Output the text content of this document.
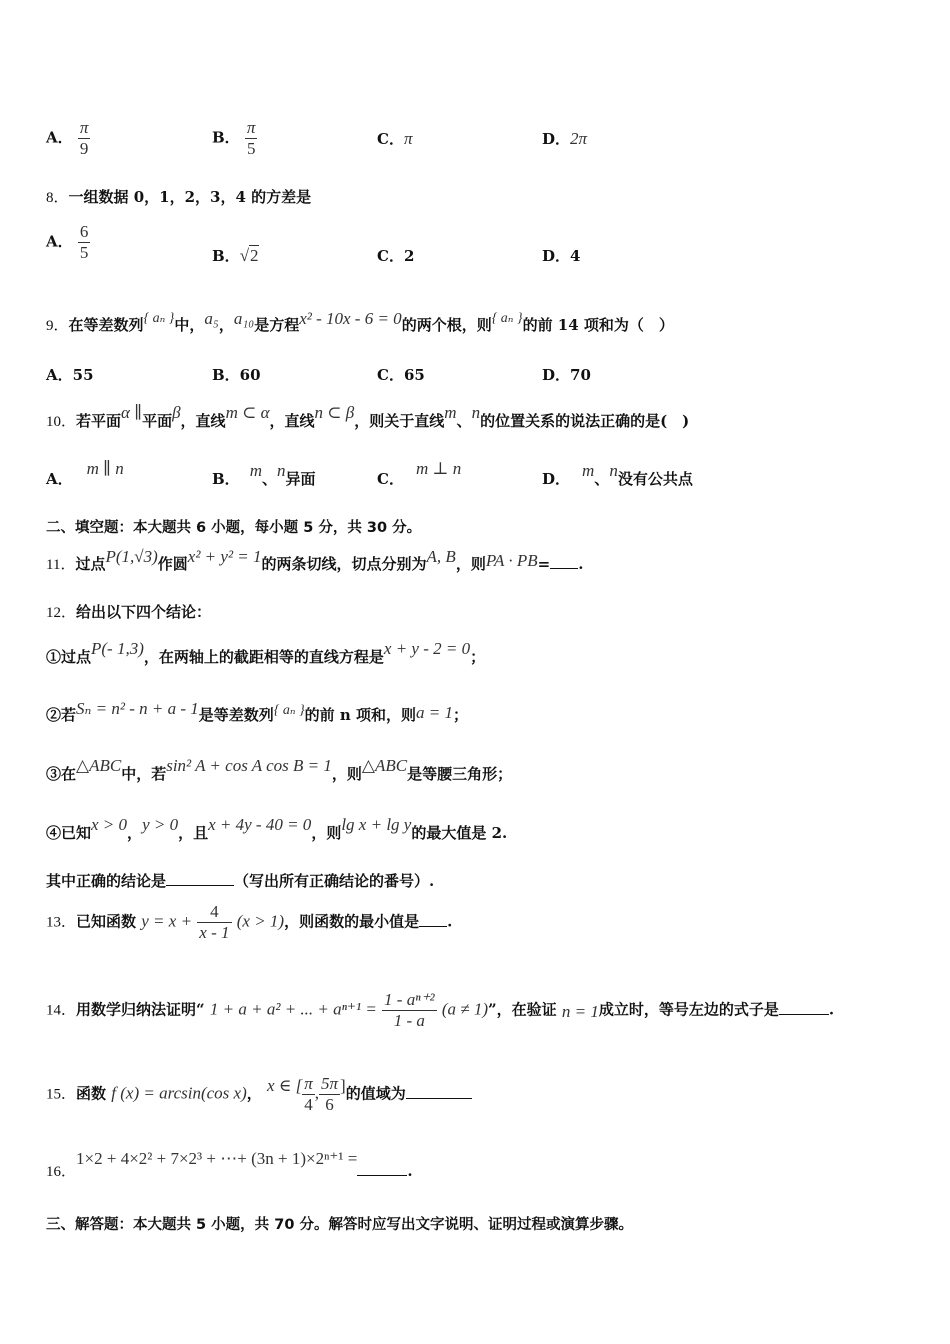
A． $\frac{\pi}{9}$	B． $\frac{\pi}{5}$	C．π	D．2π
8．一组数据 0，1，2，3，4 的方差是
A． $\frac{6}{5}$	B．√2	C．2	D．4
9．在等差数列{ aₙ }中，a₅，a₁₀是方程x² - 10x - 6 = 0的两个根，则{ aₙ }的前 14 项和为（　）
A．55	B．60	C．65	D．70
10．若平面α ∥平面β，直线m ⊂ α，直线n ⊂ β，则关于直线m、n的位置关系的说法正确的是(　)
A．m ∥ n
B． m、n异面	C．m ⊥ n
D． m、n没有公共点
二、填空题：本大题共 6 小题，每小题 5 分，共 30 分。
11．过点P(1,√3)作圆x² + y² = 1的两条切线，切点分别为A, B，则PA · PB= .
12．给出以下四个结论：
①过点P(- 1,3)，在两轴上的截距相等的直线方程是x + y - 2 = 0；
②若Sₙ = n² - n + a - 1是等差数列{ aₙ }的前 n 项和，则a = 1；
③在△ABC中，若sin² A + cos A cos B = 1，则△ABC是等腰三角形；
④已知x > 0，y > 0，且x + 4y - 40 = 0，则lg x + lg y的最大值是 2.
其中正确的结论是	（写出所有正确结论的番号）.
13．已知函数 $y = x + \frac{4}{x - 1} (x > 1)$，则函数的最小值是 .
14．用数学归纳法证明“ 1 + a + a² + ... + $a^{n+1} = \frac{\text{1 - aⁿ⁺²}}{1 - a} (a \ne 1)$”，在验证 n = 1成立时，等号左边的式子是	.
15．函数 f (x) = arcsin(cos x)， x ∈ [ $\frac{\pi}{4}$ , $\frac{5\pi}{6}$ ]的值域为
16．1×2 + 4×2² + 7×2³ + ⋯+ (3n + 1)×2ⁿ⁺¹ =.
三、解答题：本大题共 5 小题，共 70 分。解答时应写出文字说明、证明过程或演算步骤。
